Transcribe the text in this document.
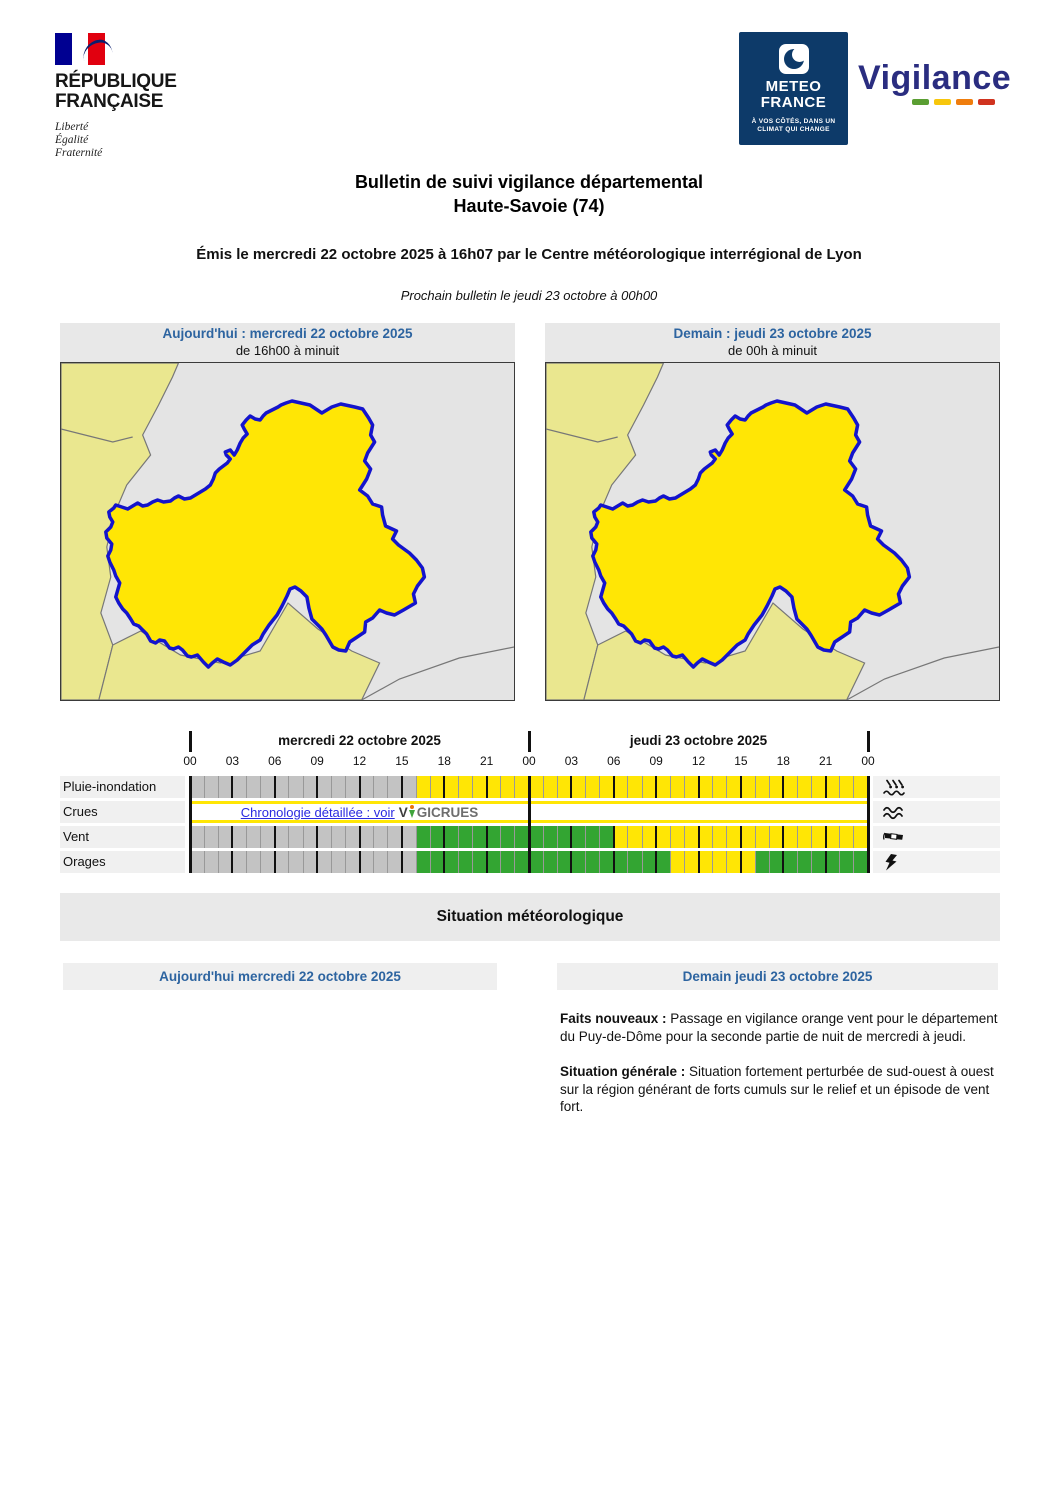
RÉPUBLIQUE
FRANÇAISE
Liberté
Égalité
Fraternité
METEO
FRANCE
À VOS CÔTÉS, DANS UN
CLIMAT QUI CHANGE
Vigilance
Bulletin de suivi vigilance départemental
Haute-Savoie (74)
Émis le mercredi 22 octobre 2025 à 16h07 par le Centre météorologique interrégional de Lyon
Prochain bulletin le jeudi 23 octobre à 00h00
Aujourd'hui : mercredi 22 octobre 2025
de 16h00 à minuit
Demain : jeudi 23 octobre 2025
de 00h à minuit
mercredi 22 octobre 2025	jeudi 23 octobre 2025
00 03 06 09 12 15 18 21 00 03 06 09 12 15 18 21 00
Pluie-inondation
Crues
Vent
Orages
Chronologie détaillée : voir V GICRUES
Situation météorologique
Aujourd'hui mercredi 22 octobre 2025	Demain jeudi 23 octobre 2025

Faits nouveaux : Passage en vigilance orange vent pour le département du Puy-de-Dôme pour la seconde partie de nuit de mercredi à jeudi.

Situation générale : Situation fortement perturbée de sud-ouest à ouest sur la région générant de forts cumuls sur le relief et un épisode de vent fort.
